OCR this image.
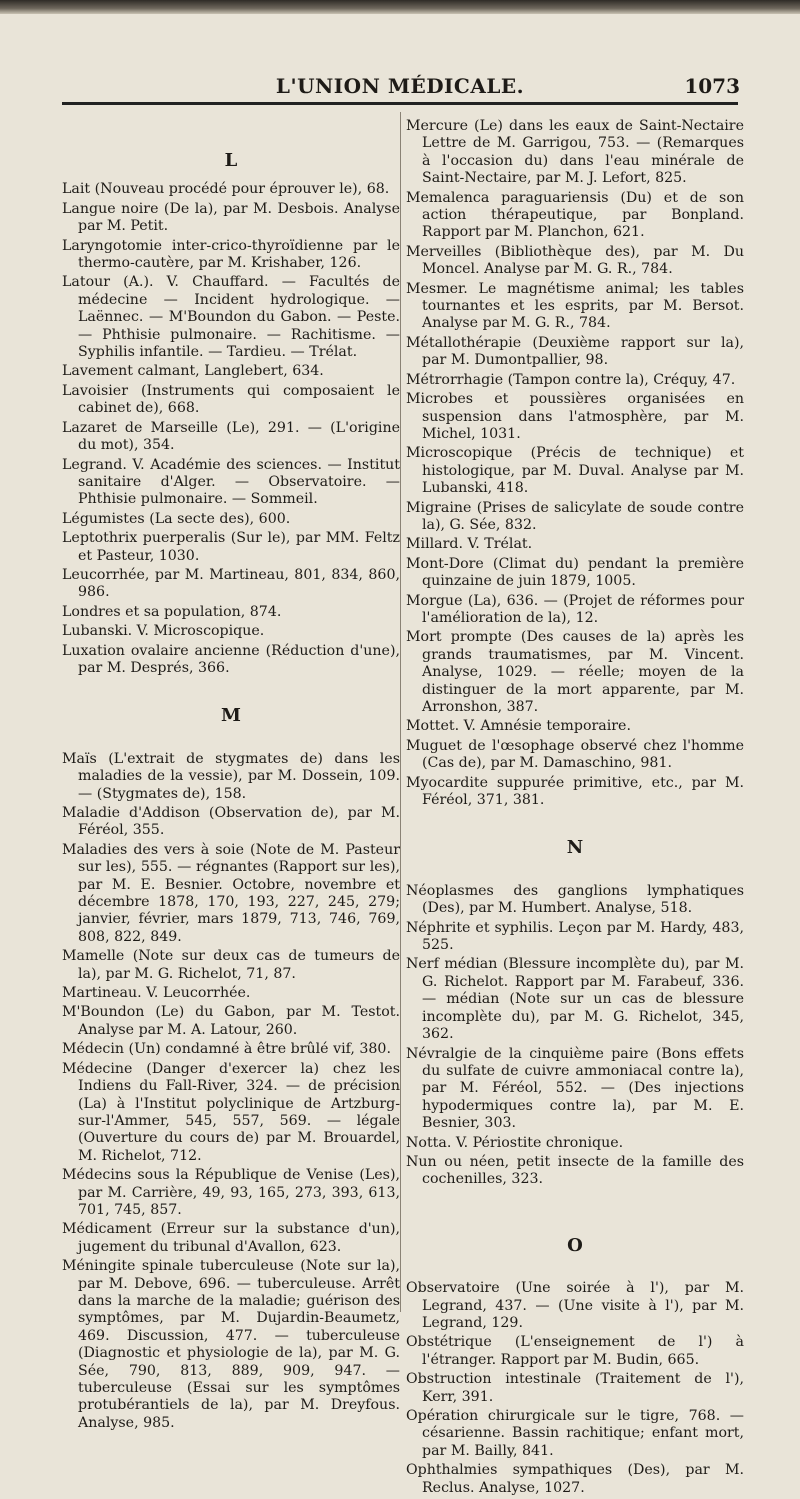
L'UNION MÉDICALE.	1073
L

Lait (Nouveau procédé pour éprouver le), 68.

Langue noire (De la), par M. Desbois. Analyse par M. Petit.

Laryngotomie inter-crico-thyroïdienne par le thermo-cautère, par M. Krishaber, 126.

Latour (A.). V. Chauffard. — Facultés de médecine — Incident hydrologique. — Laënnec. — M'Boundon du Gabon. — Peste. — Phthisie pulmonaire. — Rachitisme. — Syphilis infantile. — Tardieu. — Trélat.

Lavement calmant, Langlebert, 634.

Lavoisier (Instruments qui composaient le cabinet de), 668.

Lazaret de Marseille (Le), 291. — (L'origine du mot), 354.

Legrand. V. Académie des sciences. — Institut sanitaire d'Alger. — Observatoire. — Phthisie pulmonaire. — Sommeil.

Légumistes (La secte des), 600.

Leptothrix puerperalis (Sur le), par MM. Feltz et Pasteur, 1030.

Leucorrhée, par M. Martineau, 801, 834, 860, 986.

Londres et sa population, 874.

Lubanski. V. Microscopique.

Luxation ovalaire ancienne (Réduction d'une), par M. Després, 366.

M

Maïs (L'extrait de stygmates de) dans les maladies de la vessie), par M. Dossein, 109. — (Stygmates de), 158.

Maladie d'Addison (Observation de), par M. Féréol, 355.

Maladies des vers à soie (Note de M. Pasteur sur les), 555. — régnantes (Rapport sur les), par M. E. Besnier. Octobre, novembre et décembre 1878, 170, 193, 227, 245, 279; janvier, février, mars 1879, 713, 746, 769, 808, 822, 849.

Mamelle (Note sur deux cas de tumeurs de la), par M. G. Richelot, 71, 87.

Martineau. V. Leucorrhée.

M'Boundon (Le) du Gabon, par M. Testot. Analyse par M. A. Latour, 260.

Médecin (Un) condamné à être brûlé vif, 380.

Médecine (Danger d'exercer la) chez les Indiens du Fall-River, 324. — de précision (La) à l'Institut polyclinique de Artzburg-sur-l'Ammer, 545, 557, 569. — légale (Ouverture du cours de) par M. Brouardel, M. Richelot, 712.

Médecins sous la République de Venise (Les), par M. Carrière, 49, 93, 165, 273, 393, 613, 701, 745, 857.

Médicament (Erreur sur la substance d'un), jugement du tribunal d'Avallon, 623.

Méningite spinale tuberculeuse (Note sur la), par M. Debove, 696. — tuberculeuse. Arrêt dans la marche de la maladie; guérison des symptômes, par M. Dujardin-Beaumetz, 469. Discussion, 477. — tuberculeuse (Diagnostic et physiologie de la), par M. G. Sée, 790, 813, 889, 909, 947. — tuberculeuse (Essai sur les symptômes protubérantiels de la), par M. Dreyfous. Analyse, 985.

Mercure (Le) dans les eaux de Saint-Nectaire Lettre de M. Garrigou, 753. — (Remarques à l'occasion du) dans l'eau minérale de Saint-Nectaire, par M. J. Lefort, 825.

Memalenca paraguariensis (Du) et de son action thérapeutique, par Bonpland. Rapport par M. Planchon, 621.

Merveilles (Bibliothèque des), par M. Du Moncel. Analyse par M. G. R., 784.

Mesmer. Le magnétisme animal; les tables tournantes et les esprits, par M. Bersot. Analyse par M. G. R., 784.

Métallothérapie (Deuxième rapport sur la), par M. Dumontpallier, 98.

Métrorrhagie (Tampon contre la), Créquy, 47.

Microbes et poussières organisées en suspension dans l'atmosphère, par M. Michel, 1031.

Microscopique (Précis de technique) et histologique, par M. Duval. Analyse par M. Lubanski, 418.

Migraine (Prises de salicylate de soude contre la), G. Sée, 832.

Millard. V. Trélat.

Mont-Dore (Climat du) pendant la première quinzaine de juin 1879, 1005.

Morgue (La), 636. — (Projet de réformes pour l'amélioration de la), 12.

Mort prompte (Des causes de la) après les grands traumatismes, par M. Vincent. Analyse, 1029. — réelle; moyen de la distinguer de la mort apparente, par M. Arronshon, 387.

Mottet. V. Amnésie temporaire.

Muguet de l'œsophage observé chez l'homme (Cas de), par M. Damaschino, 981.

Myocardite suppurée primitive, etc., par M. Féréol, 371, 381.

N

Néoplasmes des ganglions lymphatiques (Des), par M. Humbert. Analyse, 518.

Néphrite et syphilis. Leçon par M. Hardy, 483, 525.

Nerf médian (Blessure incomplète du), par M. G. Richelot. Rapport par M. Farabeuf, 336. — médian (Note sur un cas de blessure incomplète du), par M. G. Richelot, 345, 362.

Névralgie de la cinquième paire (Bons effets du sulfate de cuivre ammoniacal contre la), par M. Féréol, 552. — (Des injections hypodermiques contre la), par M. E. Besnier, 303.

Notta. V. Périostite chronique.

Nun ou néen, petit insecte de la famille des cochenilles, 323.

O

Observatoire (Une soirée à l'), par M. Legrand, 437. — (Une visite à l'), par M. Legrand, 129.

Obstétrique (L'enseignement de l') à l'étranger. Rapport par M. Budin, 665.

Obstruction intestinale (Traitement de l'), Kerr, 391.

Opération chirurgicale sur le tigre, 768. — césarienne. Bassin rachitique; enfant mort, par M. Bailly, 841.

Ophthalmies sympathiques (Des), par M. Reclus. Analyse, 1027.
